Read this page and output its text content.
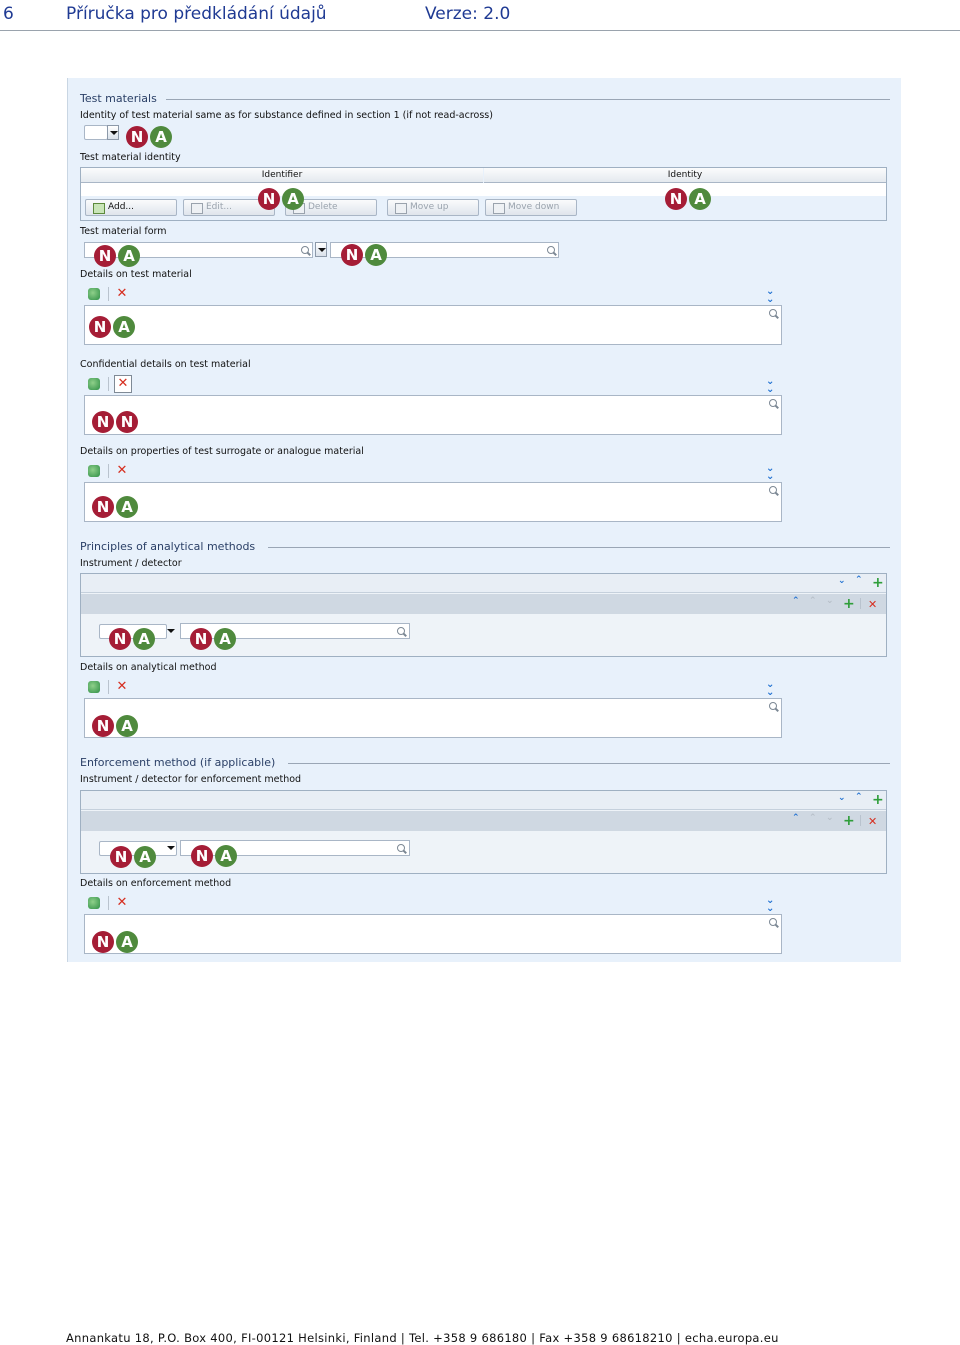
6	Příručka pro předkládání údajů	Verze: 2.0
Test materials
Identity of test material same as for substance defined in section 1 (if not read-across)
N A
Test material identity
Identifier	Identity
Add...	Edit...	Delete	Move up	Move down
N A	N A
Test material form
N A	N A
Details on test material
✕	⌄
⌄
N A
Confidential details on test material
✕	⌄
⌄
N N
Details on properties of test surrogate or analogue material
✕	⌄
⌄
N A
Principles of analytical methods
Instrument / detector
⌄ ⌃ +
⌃ ⌃ ⌄ + ✕
N A	N A
Details on analytical method
✕	⌄
⌄
N A
Enforcement method (if applicable)
Instrument / detector for enforcement method
⌄ ⌃ +
⌃ ⌃ ⌄ + ✕
N A	N A
Details on enforcement method
✕	⌄
⌄
N A
Annankatu 18, P.O. Box 400, FI-00121 Helsinki, Finland | Tel. +358 9 686180 | Fax +358 9 68618210 | echa.europa.eu
